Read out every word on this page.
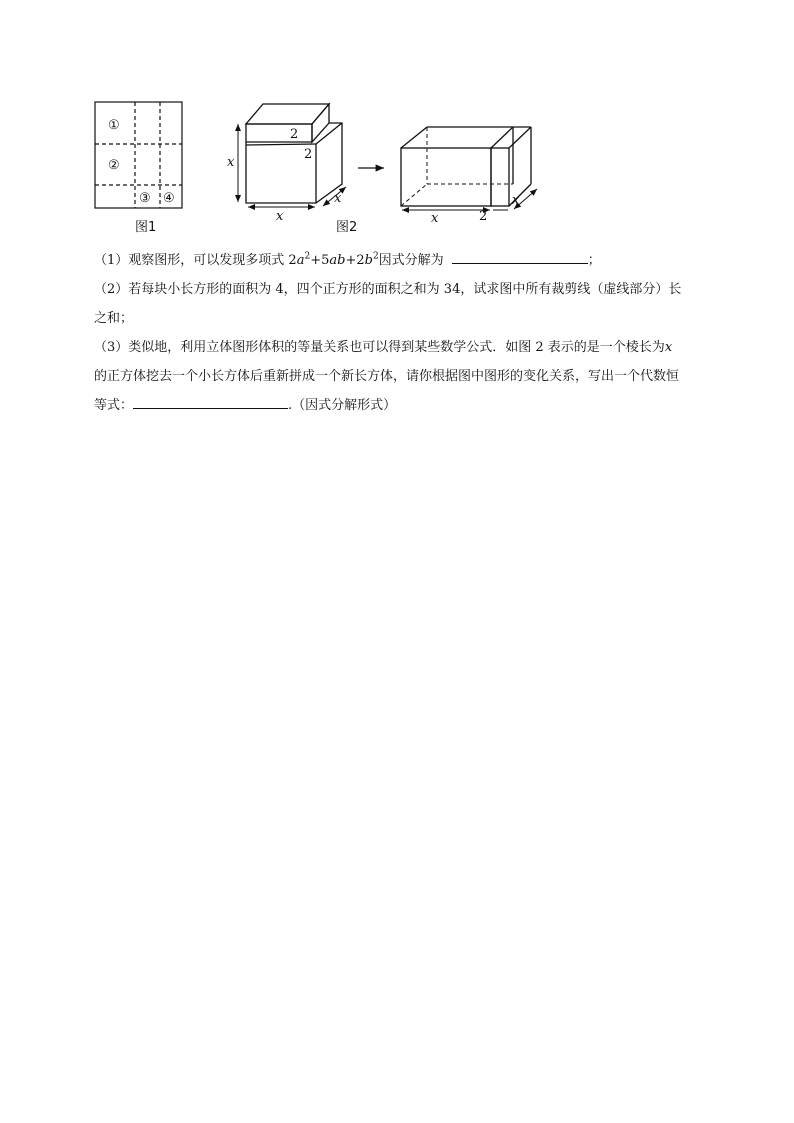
①
②
③ ④
x
x
x
2
2
x	2
x
图1	图2
（1）观察图形，可以发现多项式 $2a^2+5ab+2b^2$因式分解为	；
（2）若每块小长方形的面积为 4，四个正方形的面积之和为 34，试求图中所有裁剪线（虚线部分）长
之和；
（3）类似地，利用立体图形体积的等量关系也可以得到某些数学公式．如图 2 表示的是一个棱长为x
的正方体挖去一个小长方体后重新拼成一个新长方体，请你根据图中图形的变化关系，写出一个代数恒
等式：	.（因式分解形式）
